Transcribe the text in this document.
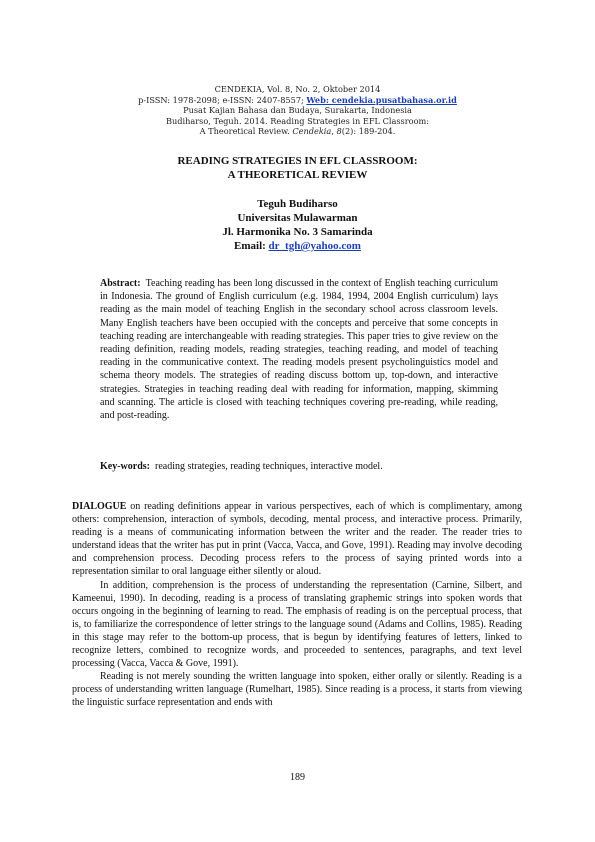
CENDEKIA, Vol. 8, No. 2, Oktober 2014
p-ISSN: 1978-2098; e-ISSN: 2407-8557; Web: cendekia.pusatbahasa.or.id
Pusat Kajian Bahasa dan Budaya, Surakarta, Indonesia
Budiharso, Teguh. 2014. Reading Strategies in EFL Classroom:
A Theoretical Review. Cendekia, 8(2): 189-204.
READING STRATEGIES IN EFL CLASSROOM:
A THEORETICAL REVIEW
Teguh Budiharso
Universitas Mulawarman
Jl. Harmonika No. 3 Samarinda
Email: dr_tgh@yahoo.com
Abstract: Teaching reading has been long discussed in the context of English teaching curriculum in Indonesia. The ground of English curriculum (e.g. 1984, 1994, 2004 English curriculum) lays reading as the main model of teaching English in the secondary school across classroom levels. Many English teachers have been occupied with the concepts and perceive that some concepts in teaching reading are interchangeable with reading strategies. This paper tries to give review on the reading definition, reading models, reading strategies, teaching reading, and model of teaching reading in the communicative context. The reading models present psycholinguistics model and schema theory models. The strategies of reading discuss bottom up, top-down, and interactive strategies. Strategies in teaching reading deal with reading for information, mapping, skimming and scanning. The article is closed with teaching techniques covering pre-reading, while reading, and post-reading.
Key-words: reading strategies, reading techniques, interactive model.

DIALOGUE on reading definitions appear in various perspectives, each of which is complimentary, among others: comprehension, interaction of symbols, decoding, mental process, and interactive process. Primarily, reading is a means of communicating information between the writer and the reader. The reader tries to understand ideas that the writer has put in print (Vacca, Vacca, and Gove, 1991). Reading may involve decoding and comprehension process. Decoding process refers to the process of saying printed words into a representation similar to oral language either silently or aloud.

In addition, comprehension is the process of understanding the representation (Carnine, Silbert, and Kameenui, 1990). In decoding, reading is a process of translating graphemic strings into spoken words that occurs ongoing in the beginning of learning to read. The emphasis of reading is on the perceptual process, that is, to familiarize the correspondence of letter strings to the language sound (Adams and Collins, 1985). Reading in this stage may refer to the bottom-up process, that is begun by identifying features of letters, linked to recognize letters, combined to recognize words, and proceeded to sentences, paragraphs, and text level processing (Vacca, Vacca & Gove, 1991).

Reading is not merely sounding the written language into spoken, either orally or silently. Reading is a process of understanding written language (Rumelhart, 1985). Since reading is a process, it starts from viewing the linguistic surface representation and ends with

189
